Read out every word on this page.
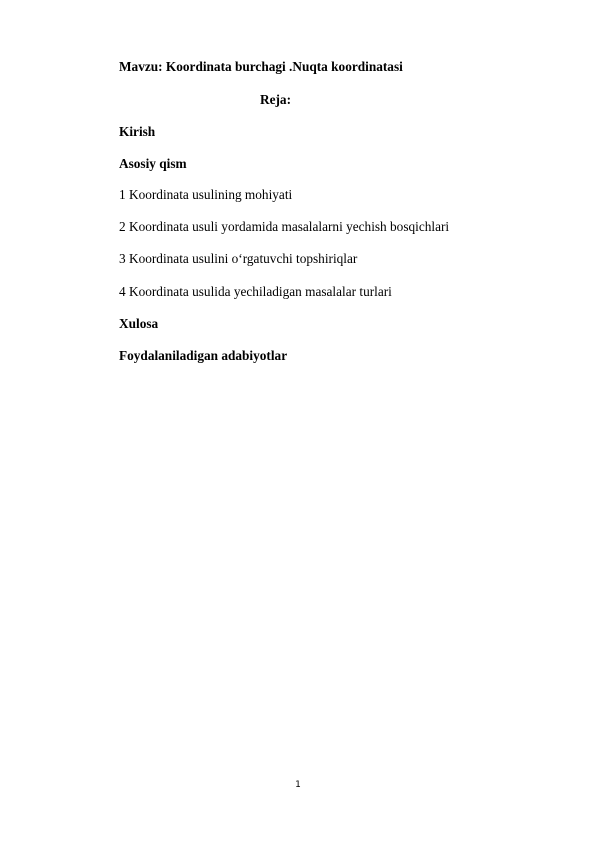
Mavzu: Koordinata burchagi .Nuqta koordinatasi
Reja:
Kirish
Asosiy qism
1 Koordinata usulining mohiyati
2 Koordinata usuli yordamida masalalarni yechish bosqichlari
3 Koordinata usulini o‘rgatuvchi topshiriqlar
4 Koordinata usulida yechiladigan masalalar turlari
Xulosa
Foydalaniladigan adabiyotlar
1
